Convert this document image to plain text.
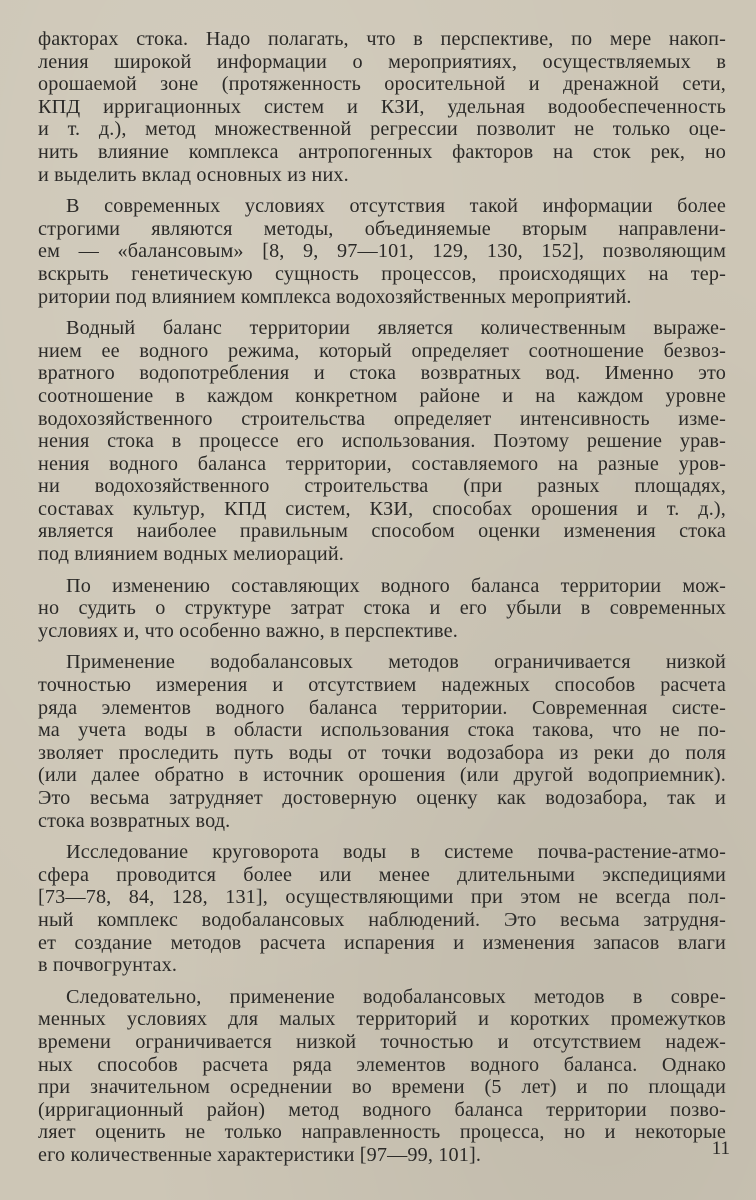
факторах стока. Надо полагать, что в перспективе, по мере накоп-
ления широкой информации о мероприятиях, осуществляемых в
орошаемой зоне (протяженность оросительной и дренажной сети,
КПД ирригационных систем и КЗИ, удельная водообеспеченность
и т. д.), метод множественной регрессии позволит не только оце-
нить влияние комплекса антропогенных факторов на сток рек, но
и выделить вклад основных из них.

В современных условиях отсутствия такой информации более
строгими являются методы, объединяемые вторым направлени-
ем — «балансовым» [8, 9, 97—101, 129, 130, 152], позволяющим
вскрыть генетическую сущность процессов, происходящих на тер-
ритории под влиянием комплекса водохозяйственных мероприятий.

Водный баланс территории является количественным выраже-
нием ее водного режима, который определяет соотношение безвоз-
вратного водопотребления и стока возвратных вод. Именно это
соотношение в каждом конкретном районе и на каждом уровне
водохозяйственного строительства определяет интенсивность изме-
нения стока в процессе его использования. Поэтому решение урав-
нения водного баланса территории, составляемого на разные уров-
ни водохозяйственного строительства (при разных площадях,
составах культур, КПД систем, КЗИ, способах орошения и т. д.),
является наиболее правильным способом оценки изменения стока
под влиянием водных мелиораций.

По изменению составляющих водного баланса территории мож-
но судить о структуре затрат стока и его убыли в современных
условиях и, что особенно важно, в перспективе.

Применение водобалансовых методов ограничивается низкой
точностью измерения и отсутствием надежных способов расчета
ряда элементов водного баланса территории. Современная систе-
ма учета воды в области использования стока такова, что не по-
зволяет проследить путь воды от точки водозабора из реки до поля
(или далее обратно в источник орошения (или другой водоприемник).
Это весьма затрудняет достоверную оценку как водозабора, так и
стока возвратных вод.

Исследование круговорота воды в системе почва-растение-атмо-
сфера проводится более или менее длительными экспедициями
[73—78, 84, 128, 131], осуществляющими при этом не всегда пол-
ный комплекс водобалансовых наблюдений. Это весьма затрудня-
ет создание методов расчета испарения и изменения запасов влаги
в почвогрунтах.

Следовательно, применение водобалансовых методов в совре-
менных условиях для малых территорий и коротких промежутков
времени ограничивается низкой точностью и отсутствием надеж-
ных способов расчета ряда элементов водного баланса. Однако
при значительном осреднении во времени (5 лет) и по площади
(ирригационный район) метод водного баланса территории позво-
ляет оценить не только направленность процесса, но и некоторые
его количественные характеристики [97—99, 101].	11
